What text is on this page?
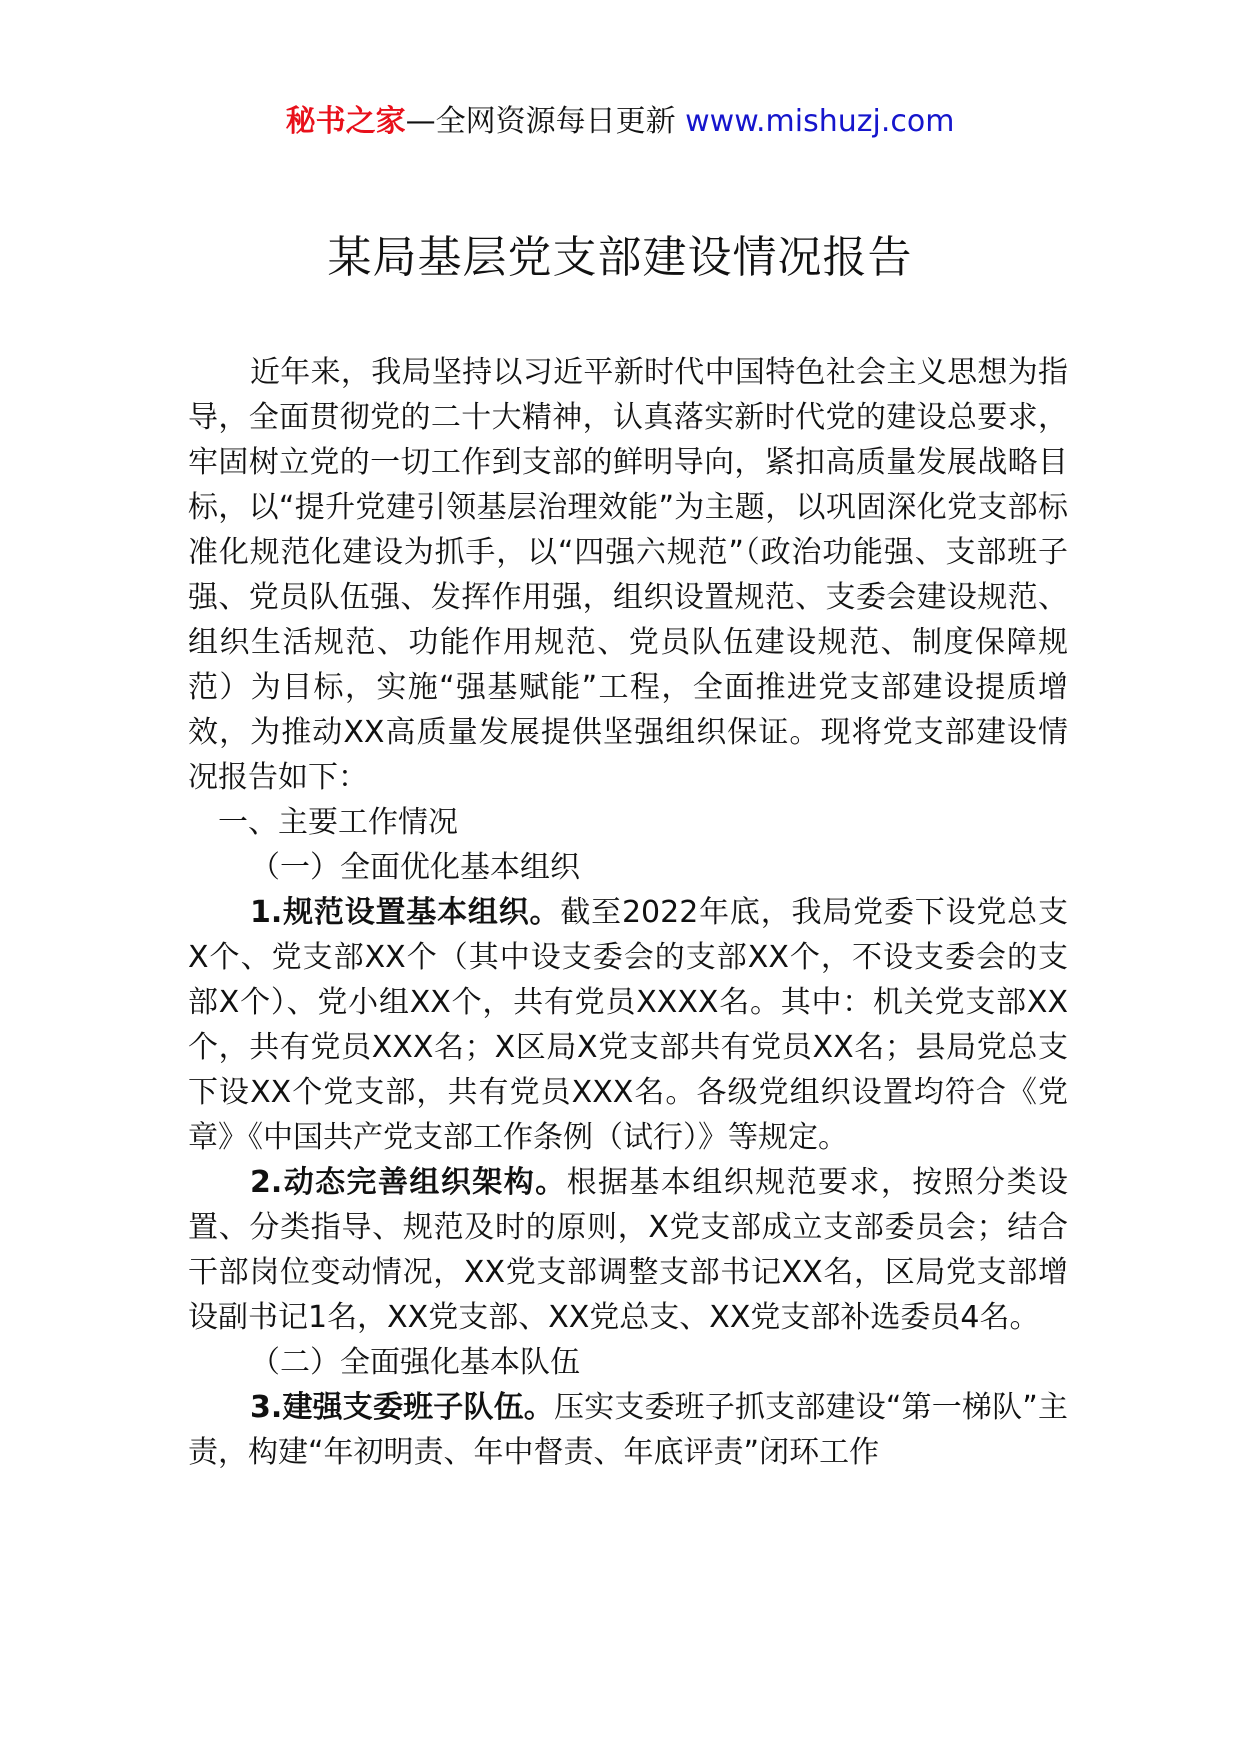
秘书之家—全网资源每日更新 www.mishuzj.com
某局基层党支部建设情况报告

近年来，我局坚持以习近平新时代中国特色社会主义思想为指导，全面贯彻党的二十大精神，认真落实新时代党的建设总要求，牢固树立党的一切工作到支部的鲜明导向，紧扣高质量发展战略目标，以“提升党建引领基层治理效能”为主题，以巩固深化党支部标准化规范化建设为抓手，以“四强六规范”（政治功能强、支部班子强、党员队伍强、发挥作用强，组织设置规范、支委会建设规范、组织生活规范、功能作用规范、党员队伍建设规范、制度保障规范）为目标，实施“强基赋能”工程，全面推进党支部建设提质增效，为推动XX高质量发展提供坚强组织保证。现将党支部建设情况报告如下：

一、主要工作情况

（一）全面优化基本组织

1.规范设置基本组织。截至2022年底，我局党委下设党总支X个、党支部XX个（其中设支委会的支部XX个，不设支委会的支部X个）、党小组XX个，共有党员XXXX名。其中：机关党支部XX个，共有党员XXX名；X区局X党支部共有党员XX名；县局党总支下设XX个党支部，共有党员XXX名。各级党组织设置均符合《党章》《中国共产党支部工作条例（试行）》等规定。

2.动态完善组织架构。根据基本组织规范要求，按照分类设置、分类指导、规范及时的原则，X党支部成立支部委员会；结合干部岗位变动情况，XX党支部调整支部书记XX名，区局党支部增设副书记1名，XX党支部、XX党总支、XX党支部补选委员4名。

（二）全面强化基本队伍

3.建强支委班子队伍。压实支委班子抓支部建设“第一梯队”主责，构建“年初明责、年中督责、年底评责”闭环工作
